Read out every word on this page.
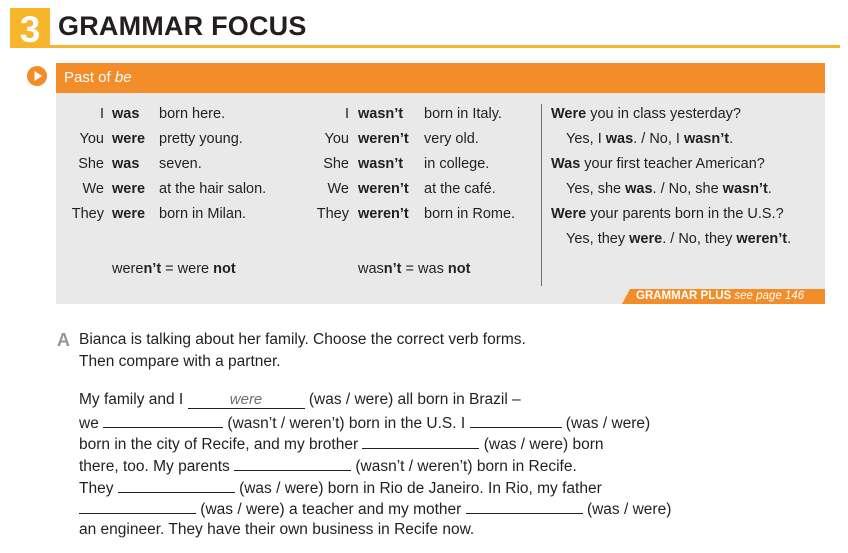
3 GRAMMAR FOCUS
Past of be
I was born here.
You were pretty young.
She was seven.
We were at the hair salon.
They were born in Milan.
I wasn’t born in Italy.
You weren’t very old.
She wasn’t in college.
We weren’t at the café.
They weren’t born in Rome.
weren’t = were not	wasn’t = was not
Were you in class yesterday?
Yes, I was. / No, I wasn’t.
Was your first teacher American?
Yes, she was. / No, she wasn’t.
Were your parents born in the U.S.?
Yes, they were. / No, they weren’t.
GRAMMAR PLUS see page 146
A Bianca is talking about her family. Choose the correct verb forms.
Then compare with a partner.
My family and I	were	(was / were) all born in Brazil –
we	(wasn’t / weren’t) born in the U.S. I	(was / were)
born in the city of Recife, and my brother	(was / were) born
there, too. My parents	(wasn’t / weren’t) born in Recife.
They	(was / were) born in Rio de Janeiro. In Rio, my father
(was / were) a teacher and my mother	(was / were)
an engineer. They have their own business in Recife now.
